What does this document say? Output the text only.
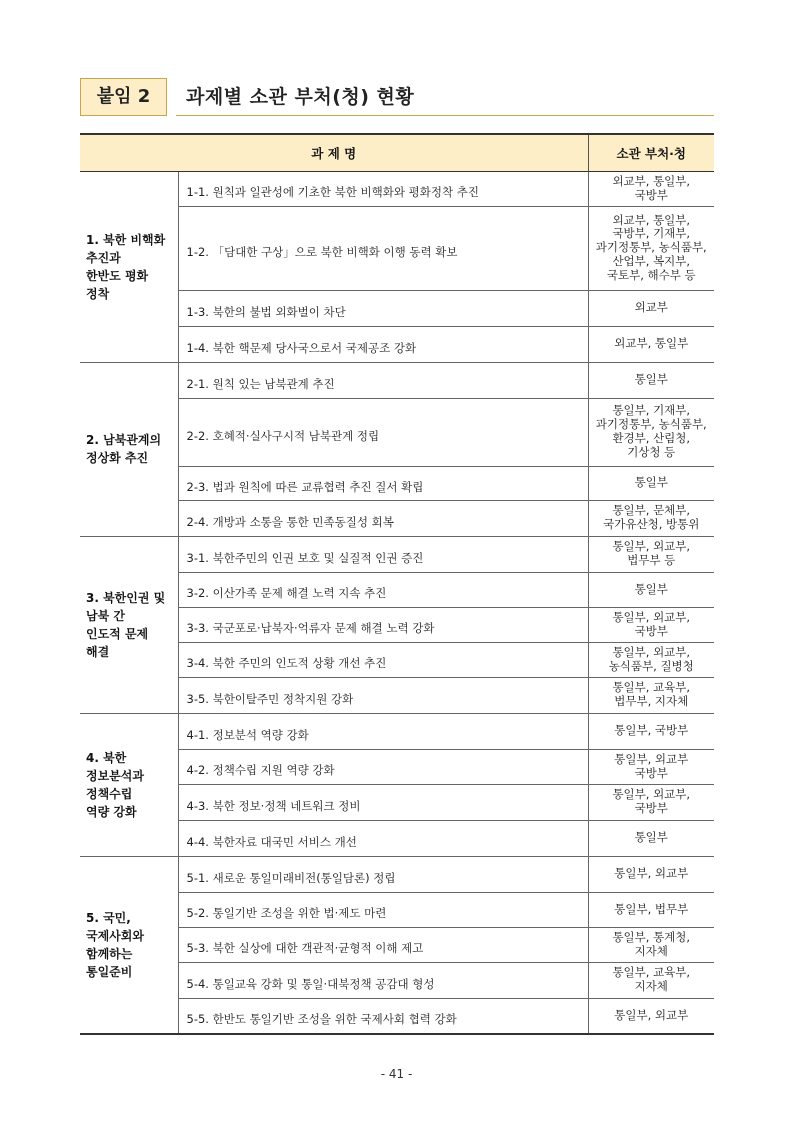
붙임 2	과제별 소관 부처(청) 현황
과 제 명		소관 부처·청
1. 북한 비핵화
추진과
한반도 평화
정착	1-1. 원칙과 일관성에 기초한 북한 비핵화와 평화정착 추진	외교부, 통일부,
국방부
	1-2. 「담대한 구상」으로 북한 비핵화 이행 동력 확보	외교부, 통일부,
국방부, 기재부,
과기정통부, 농식품부,
산업부, 복지부,
국토부, 해수부 등
	1-3. 북한의 불법 외화벌이 차단	외교부
	1-4. 북한 핵문제 당사국으로서 국제공조 강화	외교부, 통일부
2. 남북관계의
정상화 추진	2-1. 원칙 있는 남북관계 추진	통일부
	2-2. 호혜적·실사구시적 남북관계 정립	통일부, 기재부,
과기정통부, 농식품부,
환경부, 산림청,
기상청 등
	2-3. 법과 원칙에 따른 교류협력 추진 질서 확립	통일부
	2-4. 개방과 소통을 통한 민족동질성 회복	통일부, 문체부,
국가유산청, 방통위
3. 북한인권 및
남북 간
인도적 문제
해결	3-1. 북한주민의 인권 보호 및 실질적 인권 증진	통일부, 외교부,
법무부 등
	3-2. 이산가족 문제 해결 노력 지속 추진	통일부
	3-3. 국군포로·납북자·억류자 문제 해결 노력 강화	통일부, 외교부,
국방부
	3-4. 북한 주민의 인도적 상황 개선 추진	통일부, 외교부,
농식품부, 질병청
	3-5. 북한이탈주민 정착지원 강화	통일부, 교육부,
법무부, 지자체
4. 북한
정보분석과
정책수립
역량 강화	4-1. 정보분석 역량 강화	통일부, 국방부
	4-2. 정책수립 지원 역량 강화	통일부, 외교부
국방부
	4-3. 북한 정보·정책 네트워크 정비	통일부, 외교부,
국방부
	4-4. 북한자료 대국민 서비스 개선	통일부
5. 국민,
국제사회와
함께하는
통일준비	5-1. 새로운 통일미래비전(통일담론) 정립	통일부, 외교부
	5-2. 통일기반 조성을 위한 법·제도 마련	통일부, 법무부
	5-3. 북한 실상에 대한 객관적·균형적 이해 제고	통일부, 통계청,
지자체
	5-4. 통일교육 강화 및 통일·대북정책 공감대 형성	통일부, 교육부,
지자체
	5-5. 한반도 통일기반 조성을 위한 국제사회 협력 강화	통일부, 외교부
- 41 -
